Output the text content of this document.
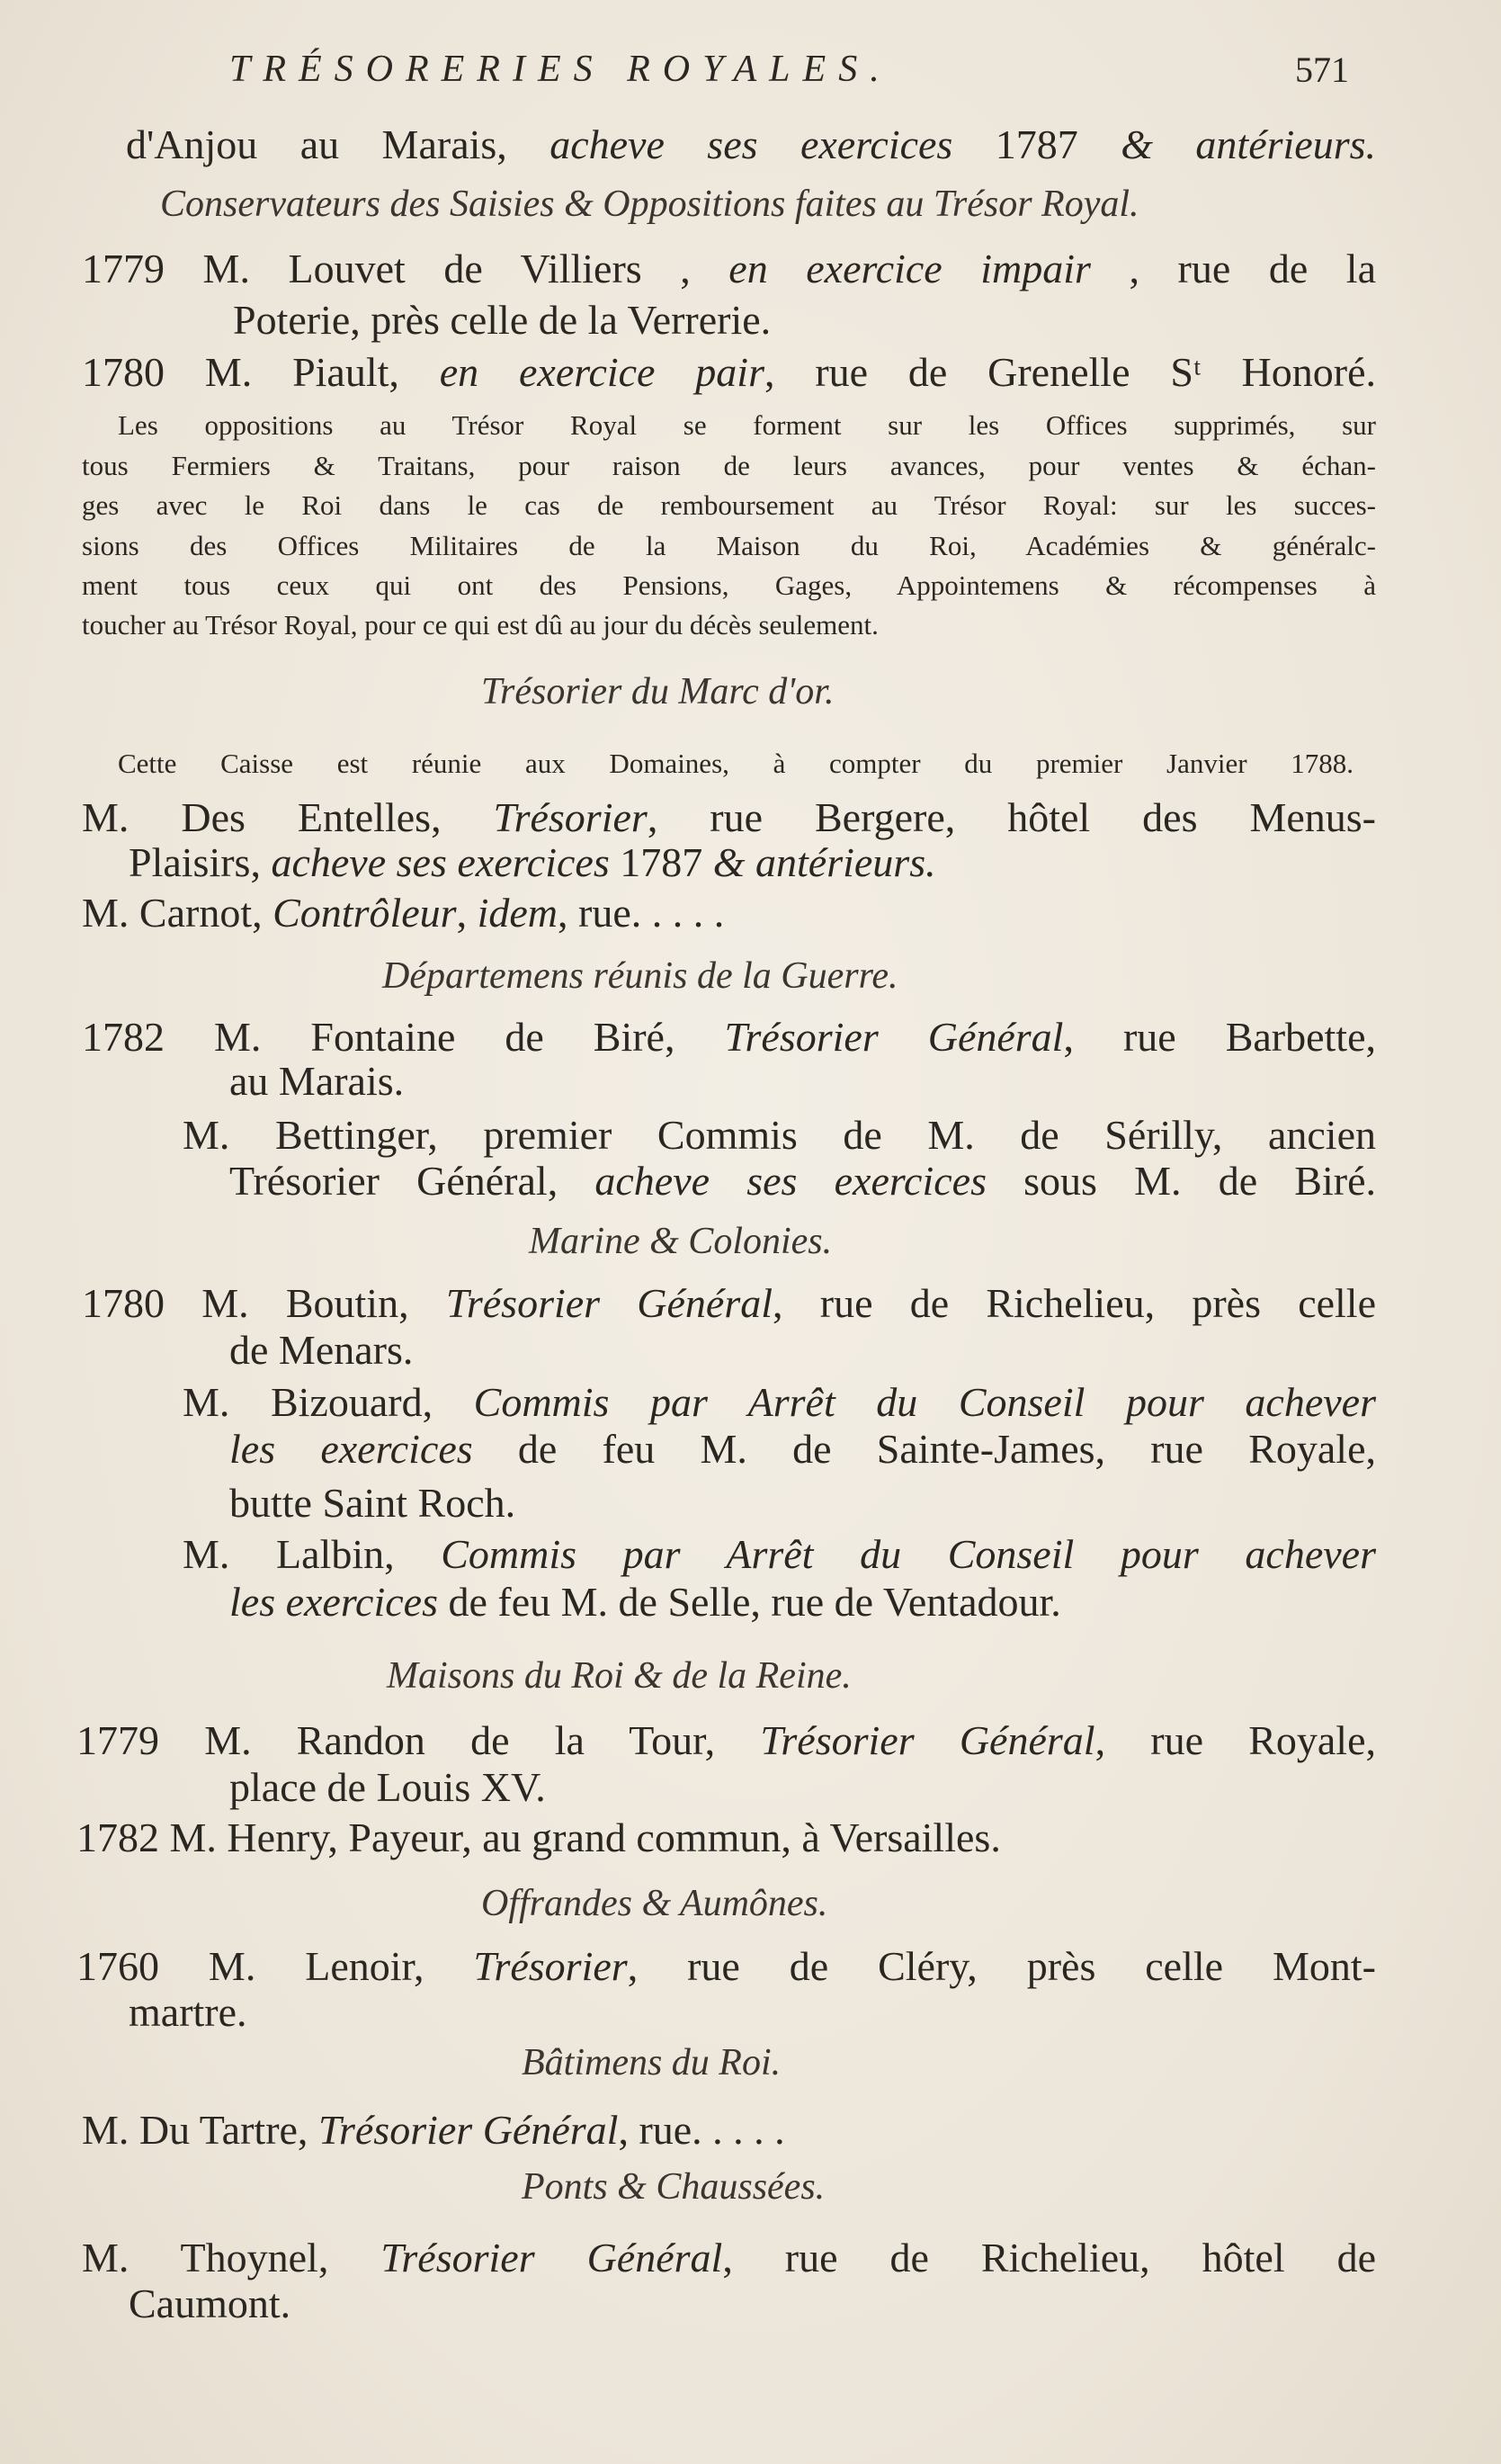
TRÉSORERIES ROYALES.	571
d'Anjou au Marais, acheve ses exercices 1787 & antérieurs.
Conservateurs des Saisies & Oppositions faites au Trésor Royal.
1779 M. Louvet de Villiers , en exercice impair , rue de la
Poterie, près celle de la Verrerie.
1780 M. Piault, en exercice pair, rue de Grenelle Sᵗ Honoré.
Les oppositions au Trésor Royal se forment sur les Offices supprimés, sur
tous Fermiers & Traitans, pour raison de leurs avances, pour ventes & échan-
ges avec le Roi dans le cas de remboursement au Trésor Royal: sur les succes-
sions des Offices Militaires de la Maison du Roi, Académies & généralc-
ment tous ceux qui ont des Pensions, Gages, Appointemens & récompenses à
toucher au Trésor Royal, pour ce qui est dû au jour du décès seulement.
Trésorier du Marc d'or.
Cette Caisse est réunie aux Domaines, à compter du premier Janvier 1788.
M. Des Entelles, Trésorier, rue Bergere, hôtel des Menus-
Plaisirs, acheve ses exercices 1787 & antérieurs.
M. Carnot, Contrôleur, idem, rue. . . . .
Départemens réunis de la Guerre.
1782 M. Fontaine de Biré, Trésorier Général, rue Barbette,
au Marais.
M. Bettinger, premier Commis de M. de Sérilly, ancien
Trésorier Général, acheve ses exercices sous M. de Biré.
Marine & Colonies.
1780 M. Boutin, Trésorier Général, rue de Richelieu, près celle
de Menars.
M. Bizouard, Commis par Arrêt du Conseil pour achever
les exercices de feu M. de Sainte-James, rue Royale,
butte Saint Roch.
M. Lalbin, Commis par Arrêt du Conseil pour achever
les exercices de feu M. de Selle, rue de Ventadour.
Maisons du Roi & de la Reine.
1779 M. Randon de la Tour, Trésorier Général, rue Royale,
place de Louis XV.
1782 M. Henry, Payeur, au grand commun, à Versailles.
Offrandes & Aumônes.
1760 M. Lenoir, Trésorier, rue de Cléry, près celle Mont-
martre.
Bâtimens du Roi.
M. Du Tartre, Trésorier Général, rue. . . . .
Ponts & Chaussées.
M. Thoynel, Trésorier Général, rue de Richelieu, hôtel de
Caumont.
